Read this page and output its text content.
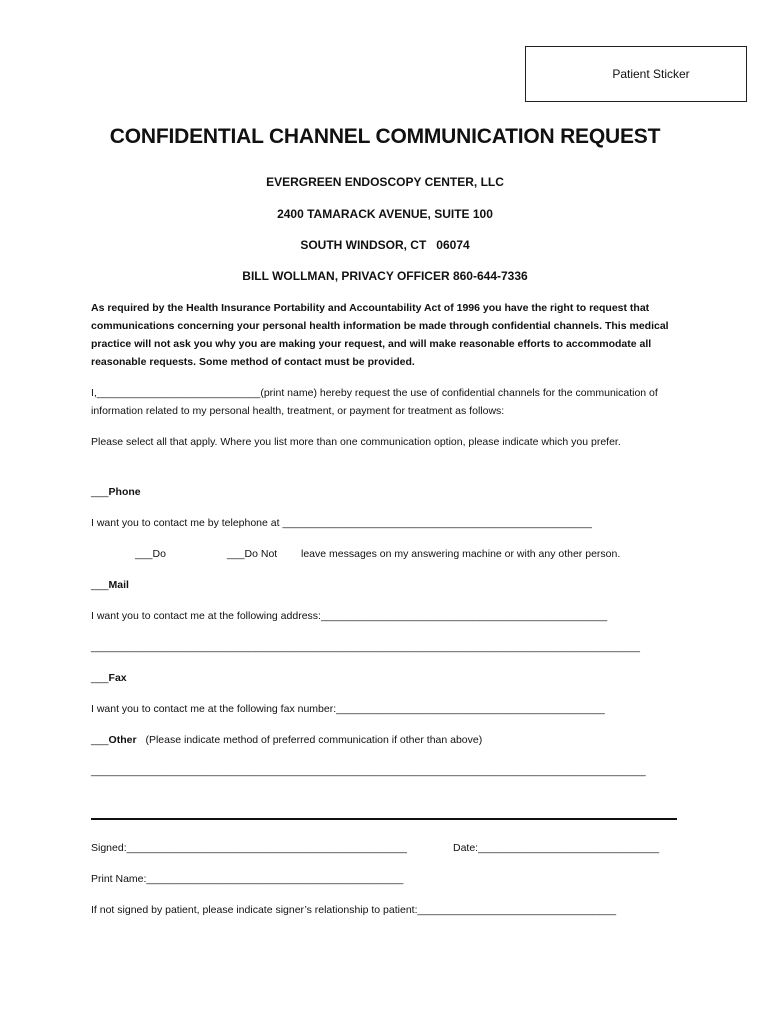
Patient Sticker
CONFIDENTIAL CHANNEL COMMUNICATION REQUEST
EVERGREEN ENDOSCOPY CENTER, LLC
2400 TAMARACK AVENUE, SUITE 100
SOUTH WINDSOR, CT   06074
BILL WOLLMAN, PRIVACY OFFICER 860-644-7336
As required by the Health Insurance Portability and Accountability Act of 1996 you have the right to request that communications concerning your personal health information be made through confidential channels. This medical practice will not ask you why you are making your request, and will make reasonable efforts to accommodate all reasonable requests. Some method of contact must be provided.
I,____________________________(print name) hereby request the use of confidential channels for the communication of information related to my personal health, treatment, or payment for treatment as follows:
Please select all that apply. Where you list more than one communication option, please indicate which you prefer.
___Phone
I want you to contact me by telephone at _____________________________________________________
___Do	___Do Not leave messages on my answering machine or with any other person.
___Mail
I want you to contact me at the following address:_________________________________________________
______________________________________________________________________________________________
___Fax
I want you to contact me at the following fax number:______________________________________________
___Other (Please indicate method of preferred communication if other than above)
_______________________________________________________________________________________________
Signed:________________________________________________	Date:_______________________________
Print Name:____________________________________________
If not signed by patient, please indicate signer’s relationship to patient:__________________________________
